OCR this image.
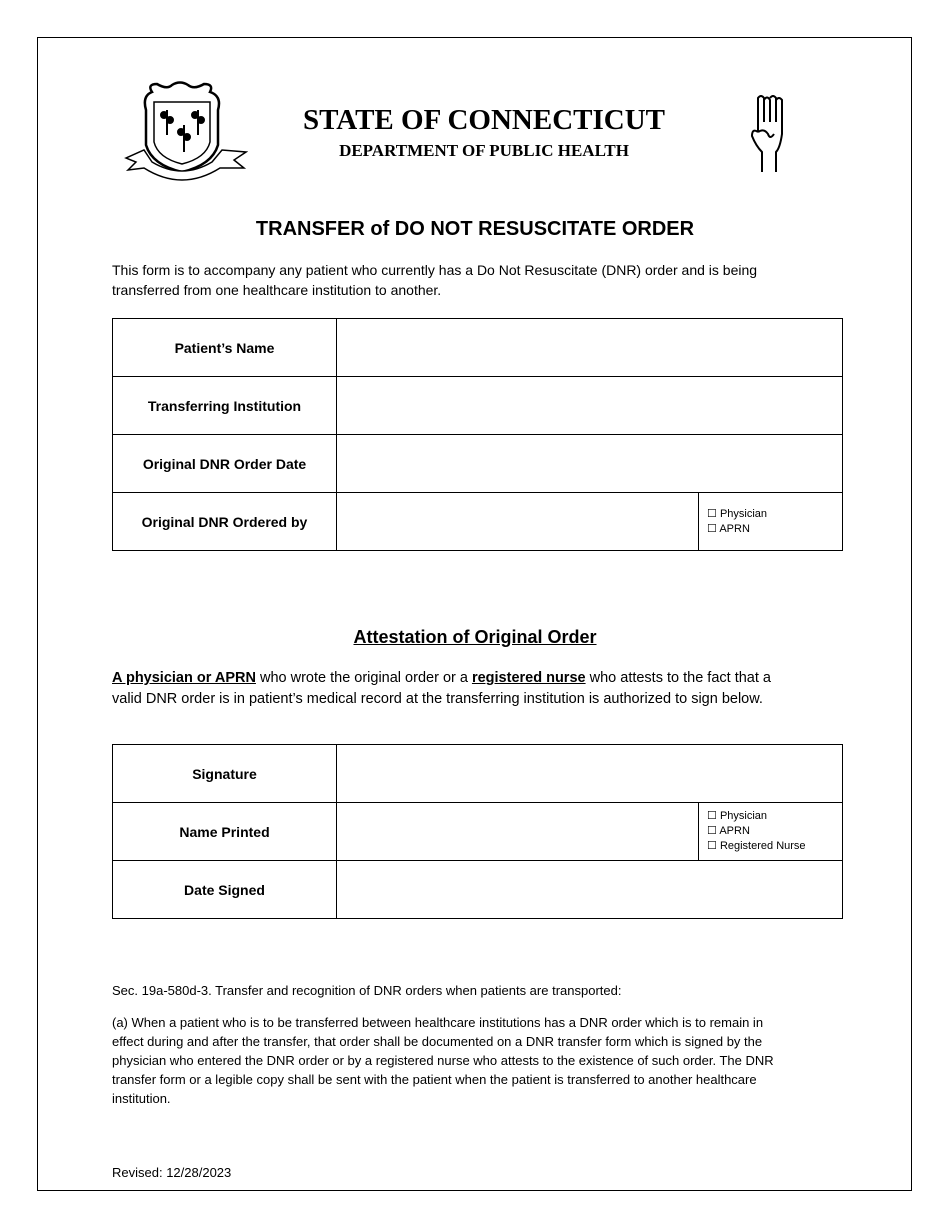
STATE OF CONNECTICUT
DEPARTMENT OF PUBLIC HEALTH
TRANSFER of DO NOT RESUSCITATE ORDER
This form is to accompany any patient who currently has a Do Not Resuscitate (DNR) order and is being
transferred from one healthcare institution to another.
Patient’s Name		
Transferring Institution		
Original DNR Order Date		
Original DNR Ordered by		☐ Physician
☐ APRN
Attestation of Original Order
A physician or APRN who wrote the original order or a registered nurse who attests to the fact that a
valid DNR order is in patient’s medical record at the transferring institution is authorized to sign below.
Signature		
Name Printed		☐ Physician
☐ APRN
☐ Registered Nurse

Date Signed		
Sec. 19a-580d-3. Transfer and recognition of DNR orders when patients are transported:
(a) When a patient who is to be transferred between healthcare institutions has a DNR order which is to remain in
effect during and after the transfer, that order shall be documented on a DNR transfer form which is signed by the
physician who entered the DNR order or by a registered nurse who attests to the existence of such order. The DNR
transfer form or a legible copy shall be sent with the patient when the patient is transferred to another healthcare
institution.
Revised: 12/28/2023
